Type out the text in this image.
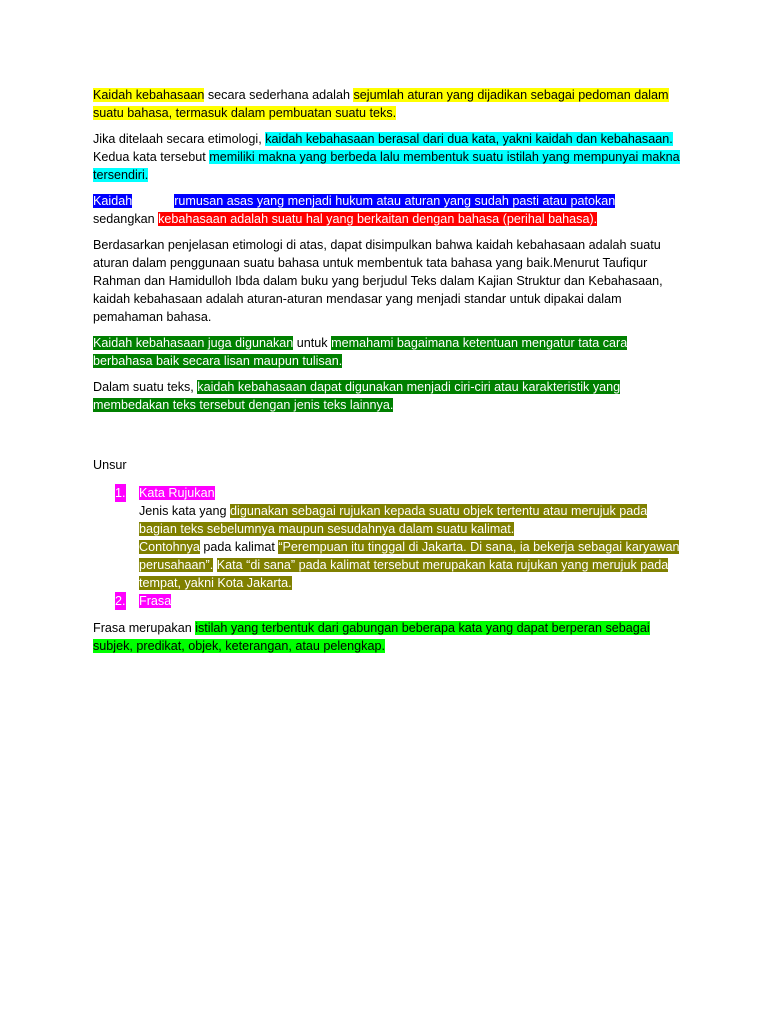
Kaidah kebahasaan secara sederhana adalah sejumlah aturan yang dijadikan sebagai pedoman dalam suatu bahasa, termasuk dalam pembuatan suatu teks.

Jika ditelaah secara etimologi, kaidah kebahasaan berasal dari dua kata, yakni kaidah dan kebahasaan. Kedua kata tersebut memiliki makna yang berbeda lalu membentuk suatu istilah yang mempunyai makna tersendiri.

Kaidah	rumusan asas yang menjadi hukum atau aturan yang sudah pasti atau patokan
sedangkan kebahasaan adalah suatu hal yang berkaitan dengan bahasa (perihal bahasa).

Berdasarkan penjelasan etimologi di atas, dapat disimpulkan bahwa kaidah kebahasaan adalah suatu aturan dalam penggunaan suatu bahasa untuk membentuk tata bahasa yang baik.Menurut Taufiqur Rahman dan Hamidulloh Ibda dalam buku yang berjudul Teks dalam Kajian Struktur dan Kebahasaan, kaidah kebahasaan adalah aturan-aturan mendasar yang menjadi standar untuk dipakai dalam pemahaman bahasa.

Kaidah kebahasaan juga digunakan untuk memahami bagaimana ketentuan mengatur tata cara berbahasa baik secara lisan maupun tulisan.

Dalam suatu teks, kaidah kebahasaan dapat digunakan menjadi ciri-ciri atau karakteristik yang membedakan teks tersebut dengan jenis teks lainnya.

Unsur

1. Kata Rujukan
Jenis kata yang digunakan sebagai rujukan kepada suatu objek tertentu atau merujuk pada bagian teks sebelumnya maupun sesudahnya dalam suatu kalimat.
Contohnya pada kalimat “Perempuan itu tinggal di Jakarta. Di sana, ia bekerja sebagai karyawan perusahaan”. Kata “di sana” pada kalimat tersebut merupakan kata rujukan yang merujuk pada tempat, yakni Kota Jakarta.
2. Frasa

Frasa merupakan istilah yang terbentuk dari gabungan beberapa kata yang dapat berperan sebagai subjek, predikat, objek, keterangan, atau pelengkap.
